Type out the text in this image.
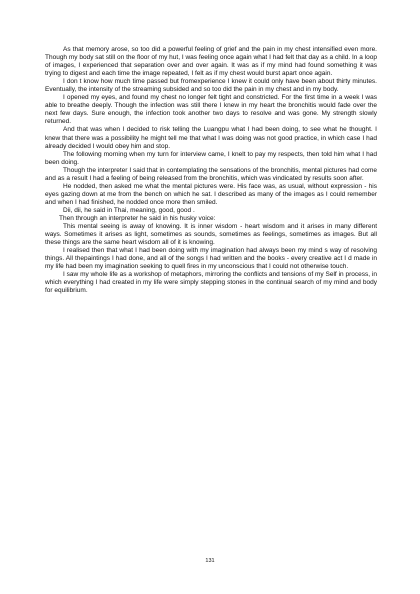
As that memory arose, so too did a powerful feeling of grief and the pain in my chest intensified even more. Though my body sat still on the floor of my hut, I was feeling once again what I had felt that day as a child. In a loop of images, I experienced that separation over and over again. It was as if my mind had found something it was trying to digest and each time the image repeated, I felt as if my chest would burst apart once again.

I don t know how much time passed but fromexperience I knew it could only have been about thirty minutes. Eventually, the intensity of the streaming subsided and so too did the pain in my chest and in my body.

I opened my eyes, and found my chest no longer felt tight and constricted. For the first time in a week I was able to breathe deeply. Though the infection was still there I knew in my heart the bronchitis would fade over the next few days. Sure enough, the infection took another two days to resolve and was gone. My strength slowly returned.

And that was when I decided to risk telling the Luangpu what I had been doing, to see what he thought. I knew that there was a possibility he might tell me that what I was doing was not good practice, in which case I had already decided I would obey him and stop.

The following morning when my turn for interview came, I knelt to pay my respects, then told him what I had been doing.

Though the interpreter I said that in contemplating the sensations of the bronchitis, mental pictures had come and as a result I had a feeling of being released from the bronchitis, which was vindicated by results soon after.

He nodded, then asked me what the mental pictures were. His face was, as usual, without expression - his eyes gazing down at me from the bench on which he sat. I described as many of the images as I could remember and when I had finished, he nodded once more then smiled.

Dii, dii, he said in Thai, meaning, good, good .

Then through an interpreter he said in his husky voice:

This mental seeing is away of knowing. It is inner wisdom - heart wisdom and it arises in many different ways. Sometimes it arises as light, sometimes as sounds, sometimes as feelings, sometimes as images. But all these things are the same heart wisdom all of it is knowing.

I realised then that what I had been doing with my imagination had always been my mind s way of resolving things. All thepaintings I had done, and all of the songs I had written and the books - every creative act I d made in my life had been my imagination seeking to quell fires in my unconscious that I could not otherwise touch.

I saw my whole life as a workshop of metaphors, mirroring the conflicts and tensions of my Self in process, in which everything I had created in my life were simply stepping stones in the continual search of my mind and body for equilibrium.

131
